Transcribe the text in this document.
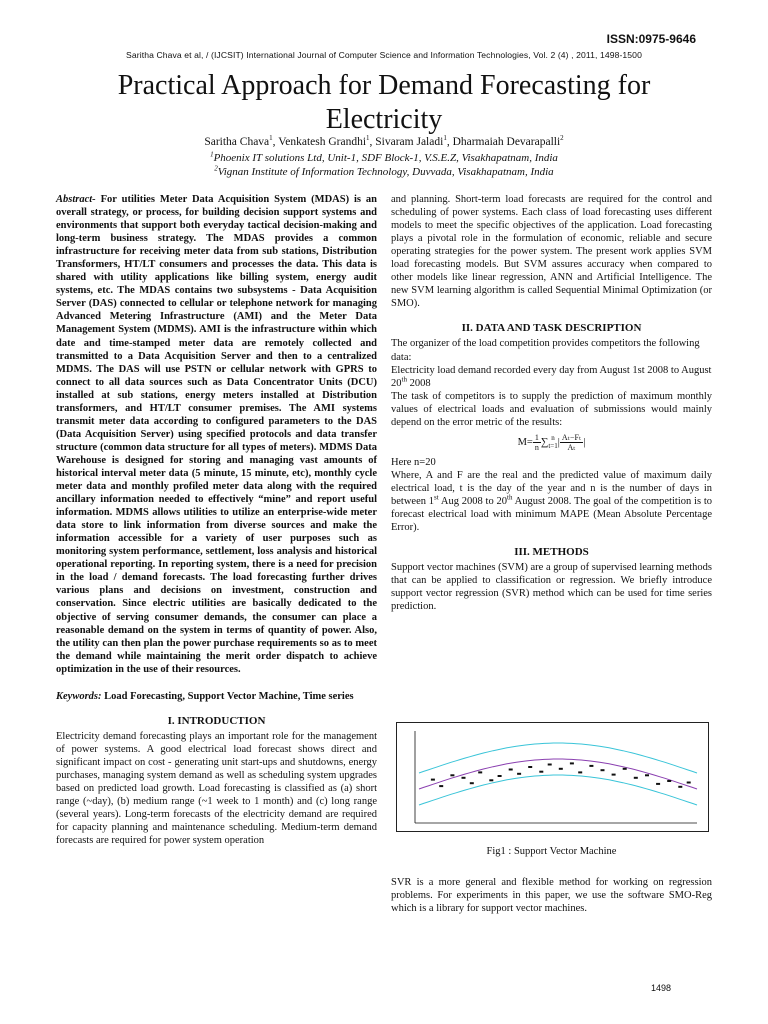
ISSN:0975-9646
Saritha Chava et al, / (IJCSIT) International Journal of Computer Science and Information Technologies, Vol. 2 (4) , 2011, 1498-1500
Practical Approach for Demand Forecasting for Electricity
Saritha Chava$^1$, Venkatesh Grandhi$^1$, Sivaram Jaladi$^1$, Dharmaiah Devarapalli$^2$
$^1$Phoenix IT solutions Ltd, Unit-1, SDF Block-1, V.S.E.Z, Visakhapatnam, India
$^2$Vignan Institute of Information Technology, Duvvada, Visakhapatnam, India

Abstract- For utilities Meter Data Acquisition System (MDAS) is an overall strategy, or process, for building decision support systems and environments that support both everyday tactical decision-making and long-term business strategy. The MDAS provides a common infrastructure for receiving meter data from sub stations, Distribution Transformers, HT/LT consumers and processes the data. This data is shared with utility applications like billing system, energy audit systems, etc. The MDAS contains two subsystems - Data Acquisition Server (DAS) connected to cellular or telephone network for managing Advanced Metering Infrastructure (AMI) and the Meter Data Management System (MDMS). AMI is the infrastructure within which date and time-stamped meter data are remotely collected and transmitted to a Data Acquisition Server and then to a centralized MDMS. The DAS will use PSTN or cellular network with GPRS to connect to all data sources such as Data Concentrator Units (DCU) installed at sub stations, energy meters installed at Distribution transformers, and HT/LT consumer premises. The AMI systems transmit meter data according to configured parameters to the DAS (Data Acquisition Server) using specified protocols and data transfer structure (common data structure for all types of meters). MDMS Data Warehouse is designed for storing and managing vast amounts of historical interval meter data (5 minute, 15 minute, etc), monthly cycle meter data and monthly profiled meter data along with the required ancillary information needed to effectively “mine” and report useful information. MDMS allows utilities to utilize an enterprise-wide meter data store to link information from diverse sources and make the information accessible for a variety of user purposes such as monitoring system performance, settlement, loss analysis and historical operational reporting. In reporting system, there is a need for precision in the load / demand forecasts. The load forecasting further drives various plans and decisions on investment, construction and conservation. Since electric utilities are basically dedicated to the objective of serving consumer demands, the consumer can place a reasonable demand on the system in terms of quantity of power. Also, the utility can then plan the power purchase requirements so as to meet the demand while maintaining the merit order dispatch to achieve optimization in the use of their resources.

Keywords: Load Forecasting, Support Vector Machine, Time series

I. INTRODUCTION

Electricity demand forecasting plays an important role for the management of power systems. A good electrical load forecast shows direct and significant impact on cost - generating unit start-ups and shutdowns, energy purchases, managing system demand as well as scheduling system upgrades based on predicted load growth. Load forecasting is classified as (a) short range (~day), (b) medium range (~1 week to 1 month) and (c) long range (several years). Long-term forecasts of the electricity demand are required for capacity planning and maintenance scheduling. Medium-term demand forecasts are required for power system operation

and planning. Short-term load forecasts are required for the control and scheduling of power systems. Each class of load forecasting uses different models to meet the specific objectives of the application. Load forecasting plays a pivotal role in the formulation of economic, reliable and secure operating strategies for the power system. The present work applies SVM load forecasting models. But SVM assures accuracy when compared to other models like linear regression, ANN and Artificial Intelligence. The new SVM learning algorithm is called Sequential Minimal Optimization (or SMO).

II. DATA AND TASK DESCRIPTION

The organizer of the load competition provides competitors the following data:

Electricity load demand recorded every day from August 1st 2008 to August 20th 2008

The task of competitors is to supply the prediction of maximum monthly values of electrical loads and evaluation of submissions would mainly depend on the error metric of the results:

$M= \frac{1}{n}$ ∑ n
t=1 | $\frac{\text{Aₜ−Fₜ}}{\text{Aₜ}}$ |

Here n=20

Where, A and F are the real and the predicted value of maximum daily electrical load, t is the day of the year and n is the number of days in between 1st Aug 2008 to 20th August 2008. The goal of the competition is to forecast electrical load with minimum MAPE (Mean Absolute Percentage Error).

III. METHODS

Support vector machines (SVM) are a group of supervised learning methods that can be applied to classification or regression. We briefly introduce support vector regression (SVR) method which can be used for time series prediction.

Fig1 : Support Vector Machine

SVR is a more general and flexible method for working on regression problems. For experiments in this paper, we use the software SMO-Reg which is a library for support vector machines.

1498
